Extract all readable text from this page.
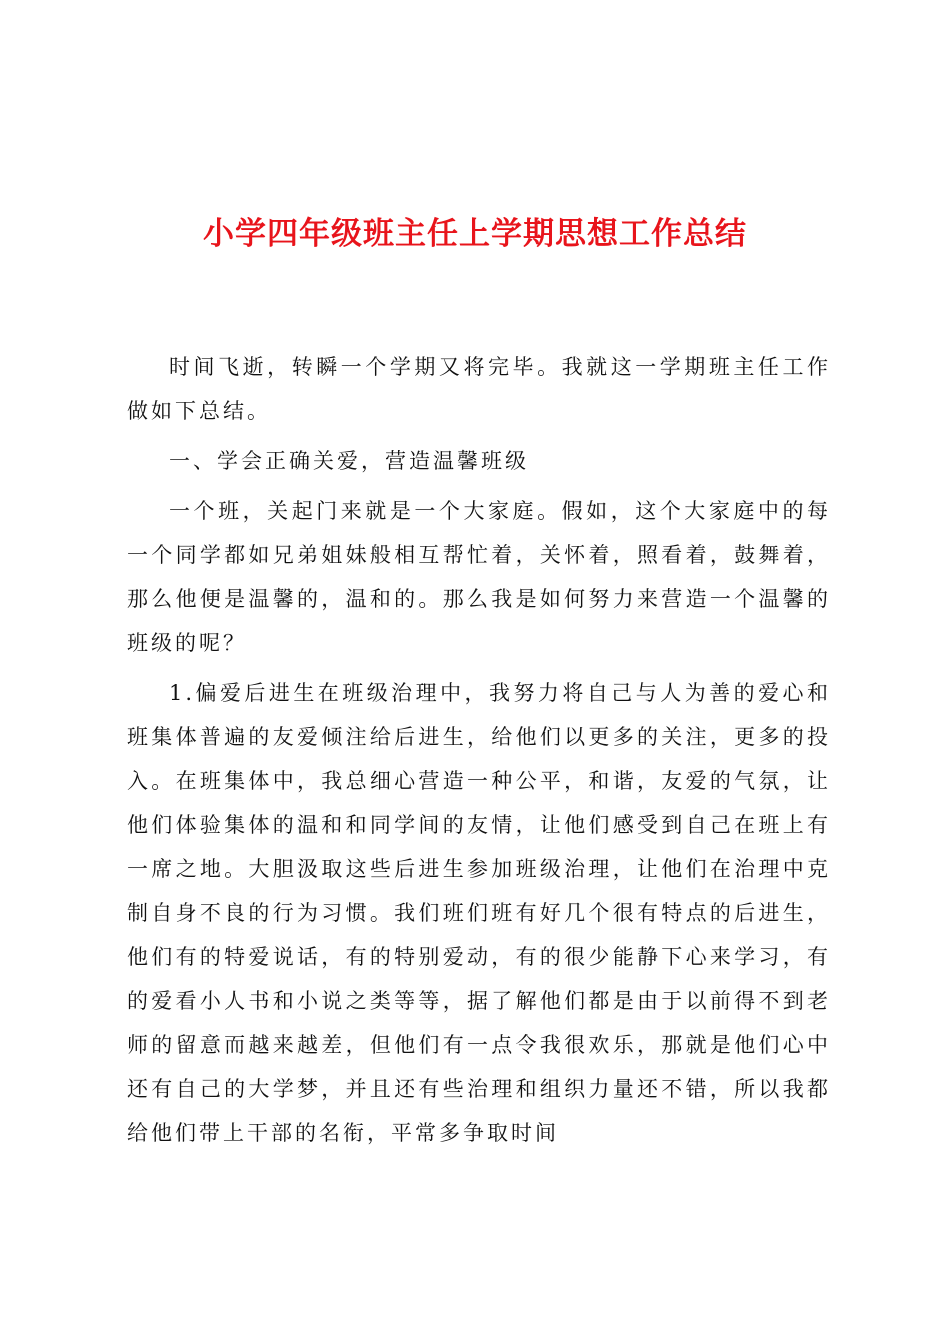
小学四年级班主任上学期思想工作总结

时间飞逝，转瞬一个学期又将完毕。我就这一学期班主任工作做如下总结。

一、学会正确关爱，营造温馨班级

一个班，关起门来就是一个大家庭。假如，这个大家庭中的每一个同学都如兄弟姐妹般相互帮忙着，关怀着，照看着，鼓舞着，那么他便是温馨的，温和的。那么我是如何努力来营造一个温馨的班级的呢？

1.偏爱后进生在班级治理中，我努力将自己与人为善的爱心和班集体普遍的友爱倾注给后进生，给他们以更多的关注，更多的投入。在班集体中，我总细心营造一种公平，和谐，友爱的气氛，让他们体验集体的温和和同学间的友情，让他们感受到自己在班上有一席之地。大胆汲取这些后进生参加班级治理，让他们在治理中克制自身不良的行为习惯。我们班们班有好几个很有特点的后进生，他们有的特爱说话，有的特别爱动，有的很少能静下心来学习，有的爱看小人书和小说之类等等，据了解他们都是由于以前得不到老师的留意而越来越差，但他们有一点令我很欢乐，那就是他们心中还有自己的大学梦，并且还有些治理和组织力量还不错，所以我都给他们带上干部的名衔，平常多争取时间
